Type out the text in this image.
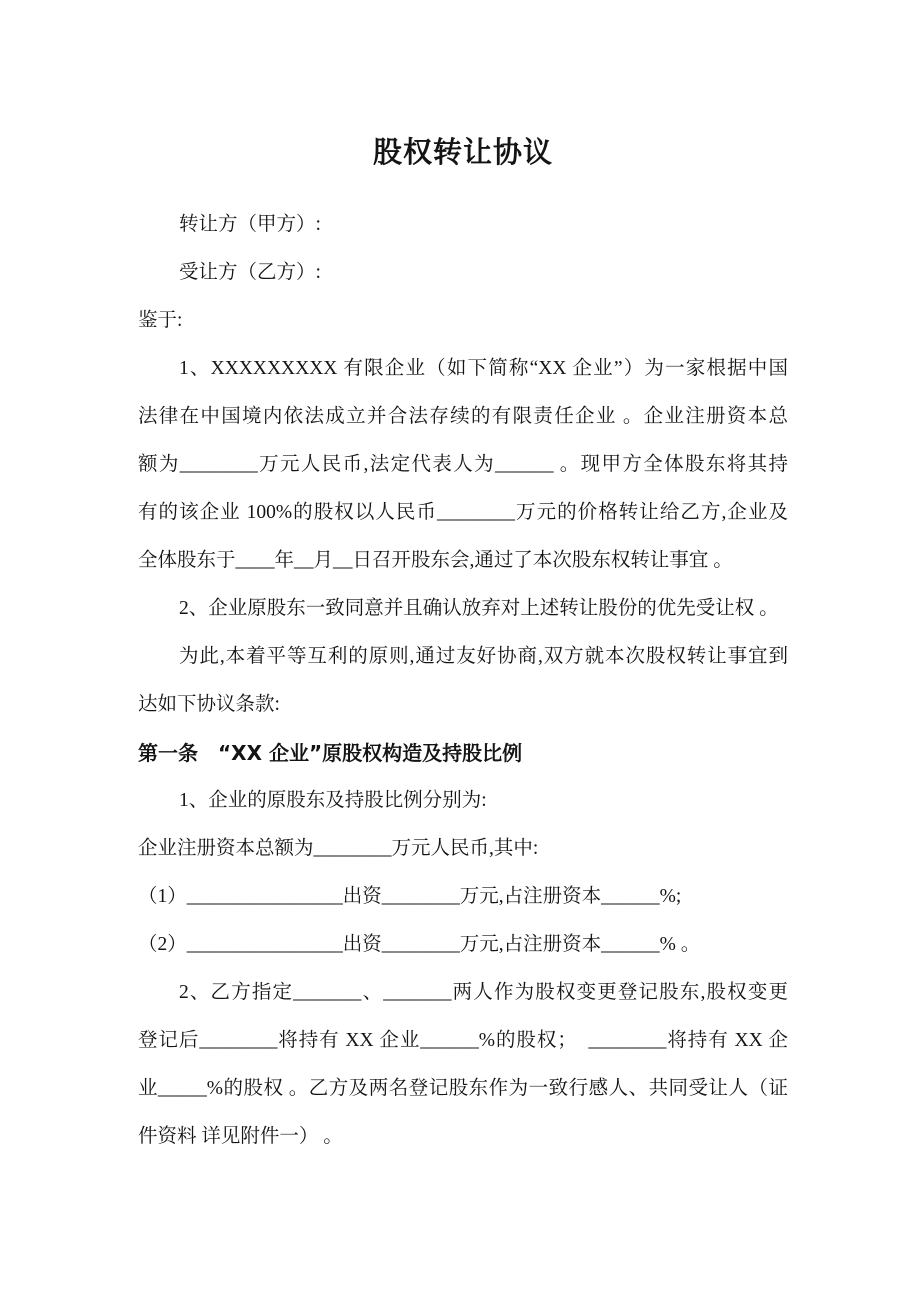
股权转让协议
转让方（甲方）:
受让方（乙方）:
鉴于:
1、XXXXXXXXX 有限企业（如下简称“XX 企业”）为一家根据中国
法律在中国境内依法成立并合法存续的有限责任企业 。企业注册资本总
额为________万元人民币,法定代表人为______ 。现甲方全体股东将其持
有的该企业 100%的股权以人民币________万元的价格转让给乙方,企业及
全体股东于____年__月__日召开股东会,通过了本次股东权转让事宜 。
2、企业原股东一致同意并且确认放弃对上述转让股份的优先受让权 。
为此,本着平等互利的原则,通过友好协商,双方就本次股权转让事宜到
达如下协议条款:
第一条　“XX 企业”原股权构造及持股比例
1、企业的原股东及持股比例分别为:
企业注册资本总额为________万元人民币,其中:
（1）________________出资________万元,占注册资本______%;
（2）________________出资________万元,占注册资本______% 。
2、乙方指定_______、_______两人作为股权变更登记股东,股权变更
登记后________将持有 XX 企业______%的股权；　________将持有 XX 企
业_____%的股权 。乙方及两名登记股东作为一致行感人、共同受让人（证
件资料 详见附件一） 。
